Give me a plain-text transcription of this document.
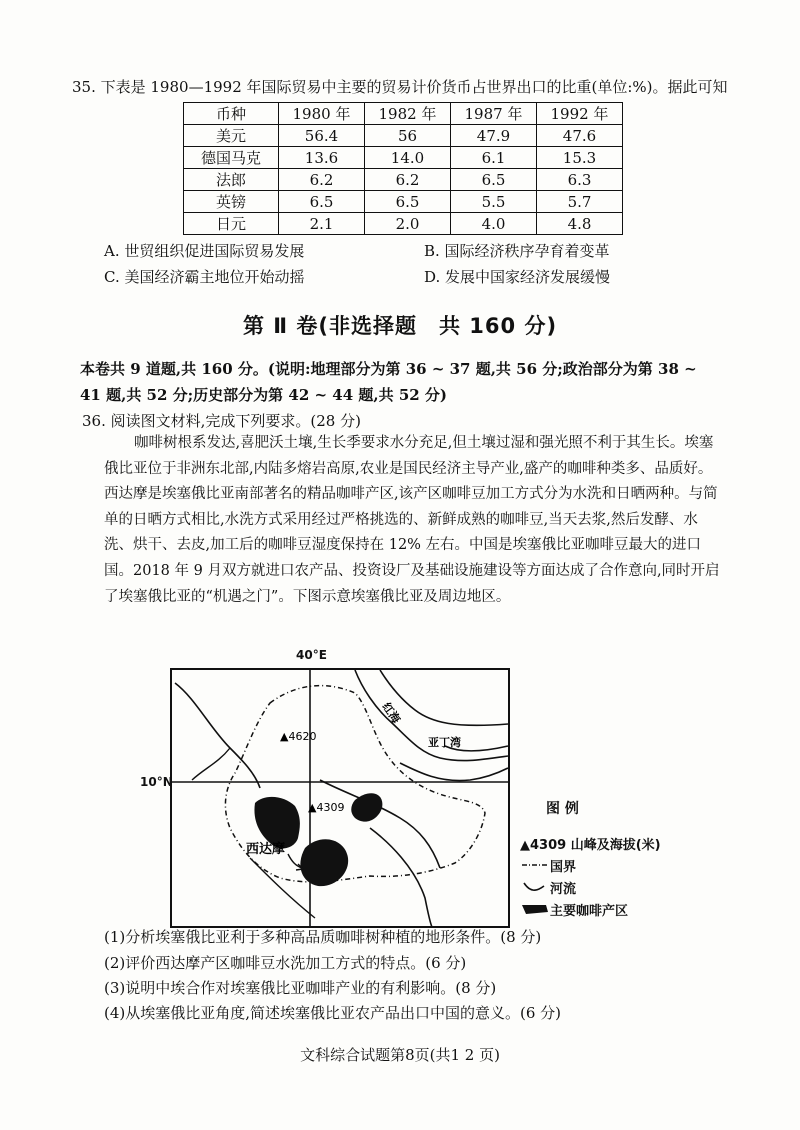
35. 下表是 1980—1992 年国际贸易中主要的贸易计价货币占世界出口的比重(单位:%)。据此可知
币种	1980 年	1982 年	1987 年	1992 年
美元	56.4	56	47.9	47.6
德国马克	13.6	14.0	6.1	15.3
法郎	6.2	6.2	6.5	6.3
英镑	6.5	6.5	5.5	5.7
日元	2.1	2.0	4.0	4.8
A. 世贸组织促进国际贸易发展	B. 国际经济秩序孕育着变革
C. 美国经济霸主地位开始动摇	D. 发展中国家经济发展缓慢
第 Ⅱ 卷(非选择题　共 160 分)
本卷共 9 道题,共 160 分。(说明:地理部分为第 36 ~ 37 题,共 56 分;政治部分为第 38 ~ 41 题,共 52 分;历史部分为第 42 ~ 44 题,共 52 分)
36. 阅读图文材料,完成下列要求。(28 分)
咖啡树根系发达,喜肥沃土壤,生长季要求水分充足,但土壤过湿和强光照不利于其生长。埃塞俄比亚位于非洲东北部,内陆多熔岩高原,农业是国民经济主导产业,盛产的咖啡种类多、品质好。西达摩是埃塞俄比亚南部著名的精品咖啡产区,该产区咖啡豆加工方式分为水洗和日晒两种。与简单的日晒方式相比,水洗方式采用经过严格挑选的、新鲜成熟的咖啡豆,当天去浆,然后发酵、水洗、烘干、去皮,加工后的咖啡豆湿度保持在 12% 左右。中国是埃塞俄比亚咖啡豆最大的进口国。2018 年 9 月双方就进口农产品、投资设厂及基础设施建设等方面达成了合作意向,同时开启了埃塞俄比亚的“机遇之门”。下图示意埃塞俄比亚及周边地区。
▲4620
▲4309
西达摩
红海
亚丁湾
40°E
10°N
图 例
▲4309 山峰及海拔(米)
国界
河流
主要咖啡产区
(1)分析埃塞俄比亚利于多种高品质咖啡树种植的地形条件。(8 分)
(2)评价西达摩产区咖啡豆水洗加工方式的特点。(6 分)
(3)说明中埃合作对埃塞俄比亚咖啡产业的有利影响。(8 分)
(4)从埃塞俄比亚角度,简述埃塞俄比亚农产品出口中国的意义。(6 分)
文科综合试题第8页(共1 2 页)
